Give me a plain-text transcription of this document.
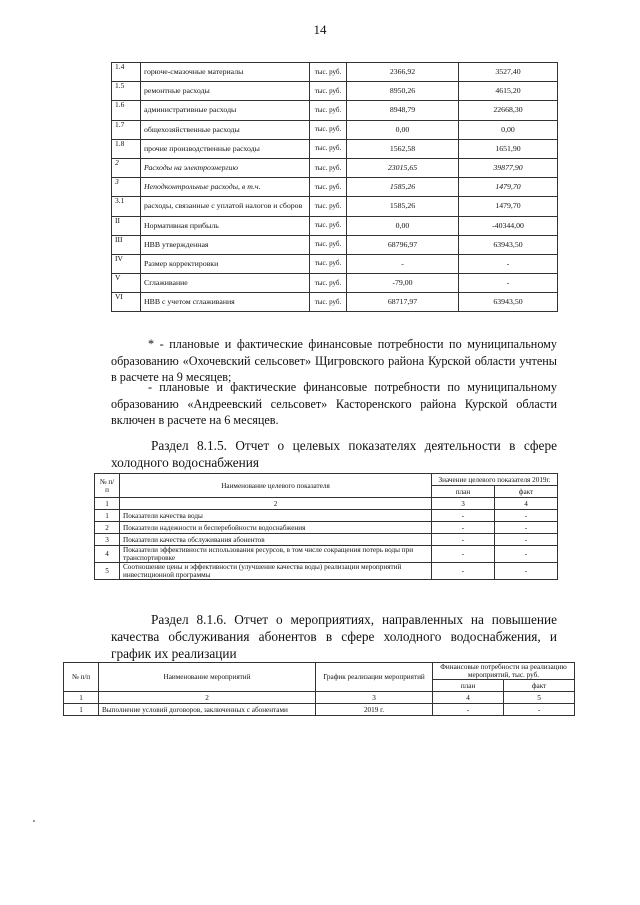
14
1.4	горюче-смазочные материалы	тыс. руб.	2366,92	3527,40
1.5	ремонтные расходы	тыс. руб.	8950,26	4615,20
1.6	административные расходы	тыс. руб.	8948,79	22668,30
1.7	общехозяйственные расходы	тыс. руб.	0,00	0,00
1.8	прочие производственные расходы	тыс. руб.	1562,58	1651,90
2	Расходы на электроэнергию	тыс. руб.	23015,65	39877,90
3	Неподконтрольные расходы, в т.ч.	тыс. руб.	1585,26	1479,70
3.1	расходы, связанные с уплатой налогов и сборов	тыс. руб.	1585,26	1479,70
II	Нормативная прибыль	тыс. руб.	0,00	-40344,00
III	НВВ утвержденная	тыс. руб.	68796,97	63943,50
IV	Размер корректировки	тыс. руб.	-	-
V	Сглаживание	тыс. руб.	-79,00	-
VI	НВВ с учетом сглаживания	тыс. руб.	68717,97	63943,50
* - плановые и фактические финансовые потребности по муниципальному образованию «Охочевский сельсовет» Щигровского района Курской области учтены в расчете на 9 месяцев;
- плановые и фактические финансовые потребности по муниципальному образованию «Андреевский сельсовет» Касторенского района Курской области включен в расчете на 6 месяцев.
Раздел 8.1.5. Отчет о целевых показателях деятельности в сфере холодного водоснабжения
№ п/п	Наименование целевого показателя	Значение целевого показателя 2019г.	
		план	факт
1	2	3	4
1	Показатели качества воды	-	-
2	Показатели надежности и бесперебойности водоснабжения	-	-
3	Показатели качества обслуживания абонентов	-	-
4	Показатели эффективности использования ресурсов, в том числе сокращения потерь воды при транспортировке	-	-
5	Соотношение цены и эффективности (улучшение качества воды) реализации мероприятий инвестиционной программы	-	-
Раздел 8.1.6. Отчет о мероприятиях, направленных на повышение качества обслуживания абонентов в сфере холодного водоснабжения, и график их реализации
№ п/п	Наименование мероприятий	График реализации мероприятий	Финансовые потребности на реализацию мероприятий, тыс. руб.	
			план	факт
1	2	3	4	5
1	Выполнение условий договоров, заключенных с абонентами	2019 г.	-	-
